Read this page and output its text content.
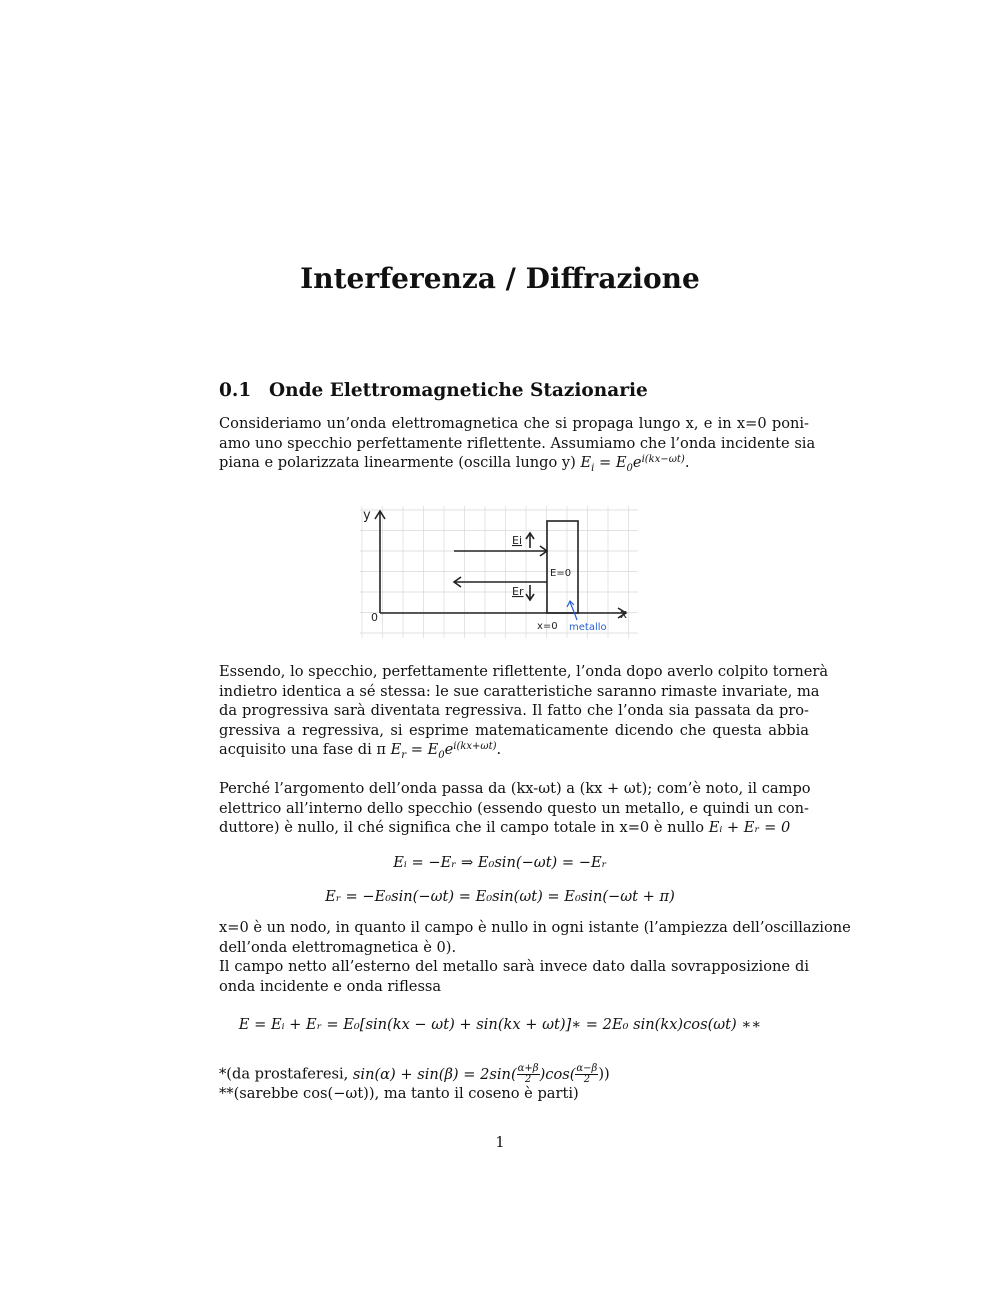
Interferenza / Diffrazione
0.1 Onde Elettromagnetiche Stazionarie
Consideriamo un’onda elettromagnetica che si propaga lungo x, e in x=0 poni-
amo uno specchio perfettamente riflettente. Assumiamo che l’onda incidente sia
piana e polarizzata linearmente (oscilla lungo y) $E_i = E_0e^{i(kx-\omega t)}$.
y
x
0
Ei
Er
E=0
x=0 metallo
Essendo, lo specchio, perfettamente riflettente, l’onda dopo averlo colpito tornerà
indietro identica a sé stessa: le sue caratteristiche saranno rimaste invariate, ma
da progressiva sarà diventata regressiva. Il fatto che l’onda sia passata da pro-
gressiva a regressiva, si esprime matematicamente dicendo che questa abbia
acquisito una fase di π $E_r = E_0e^{i(kx+\omega t)}$.
Perché l’argomento dell’onda passa da (kx-ωt) a (kx + ωt); com’è noto, il campo
elettrico all’interno dello specchio (essendo questo un metallo, e quindi un con-
duttore) è nullo, il ché significa che il campo totale in x=0 è nullo Eᵢ + Eᵣ = 0
Eᵢ = −Eᵣ ⇒ E₀sin(−ωt) = −Eᵣ
Eᵣ = −E₀sin(−ωt) = E₀sin(ωt) = E₀sin(−ωt + π)
x=0 è un nodo, in quanto il campo è nullo in ogni istante (l’ampiezza dell’oscillazione
dell’onda elettromagnetica è 0).
Il campo netto all’esterno del metallo sarà invece dato dalla sovrapposizione di
onda incidente e onda riflessa
E = Eᵢ + Eᵣ = E₀[sin(kx − ωt) + sin(kx + ωt)]∗ = 2E₀ sin(kx)cos(ωt) ∗∗
*(da prostaferesi, $\sin(\alpha) + \sin(\beta) = 2\sin( \frac{\alpha+\beta}{2} )\cos( \frac{\alpha-\beta}{2}$ ))
**(sarebbe cos(−ωt)), ma tanto il coseno è parti)
1
